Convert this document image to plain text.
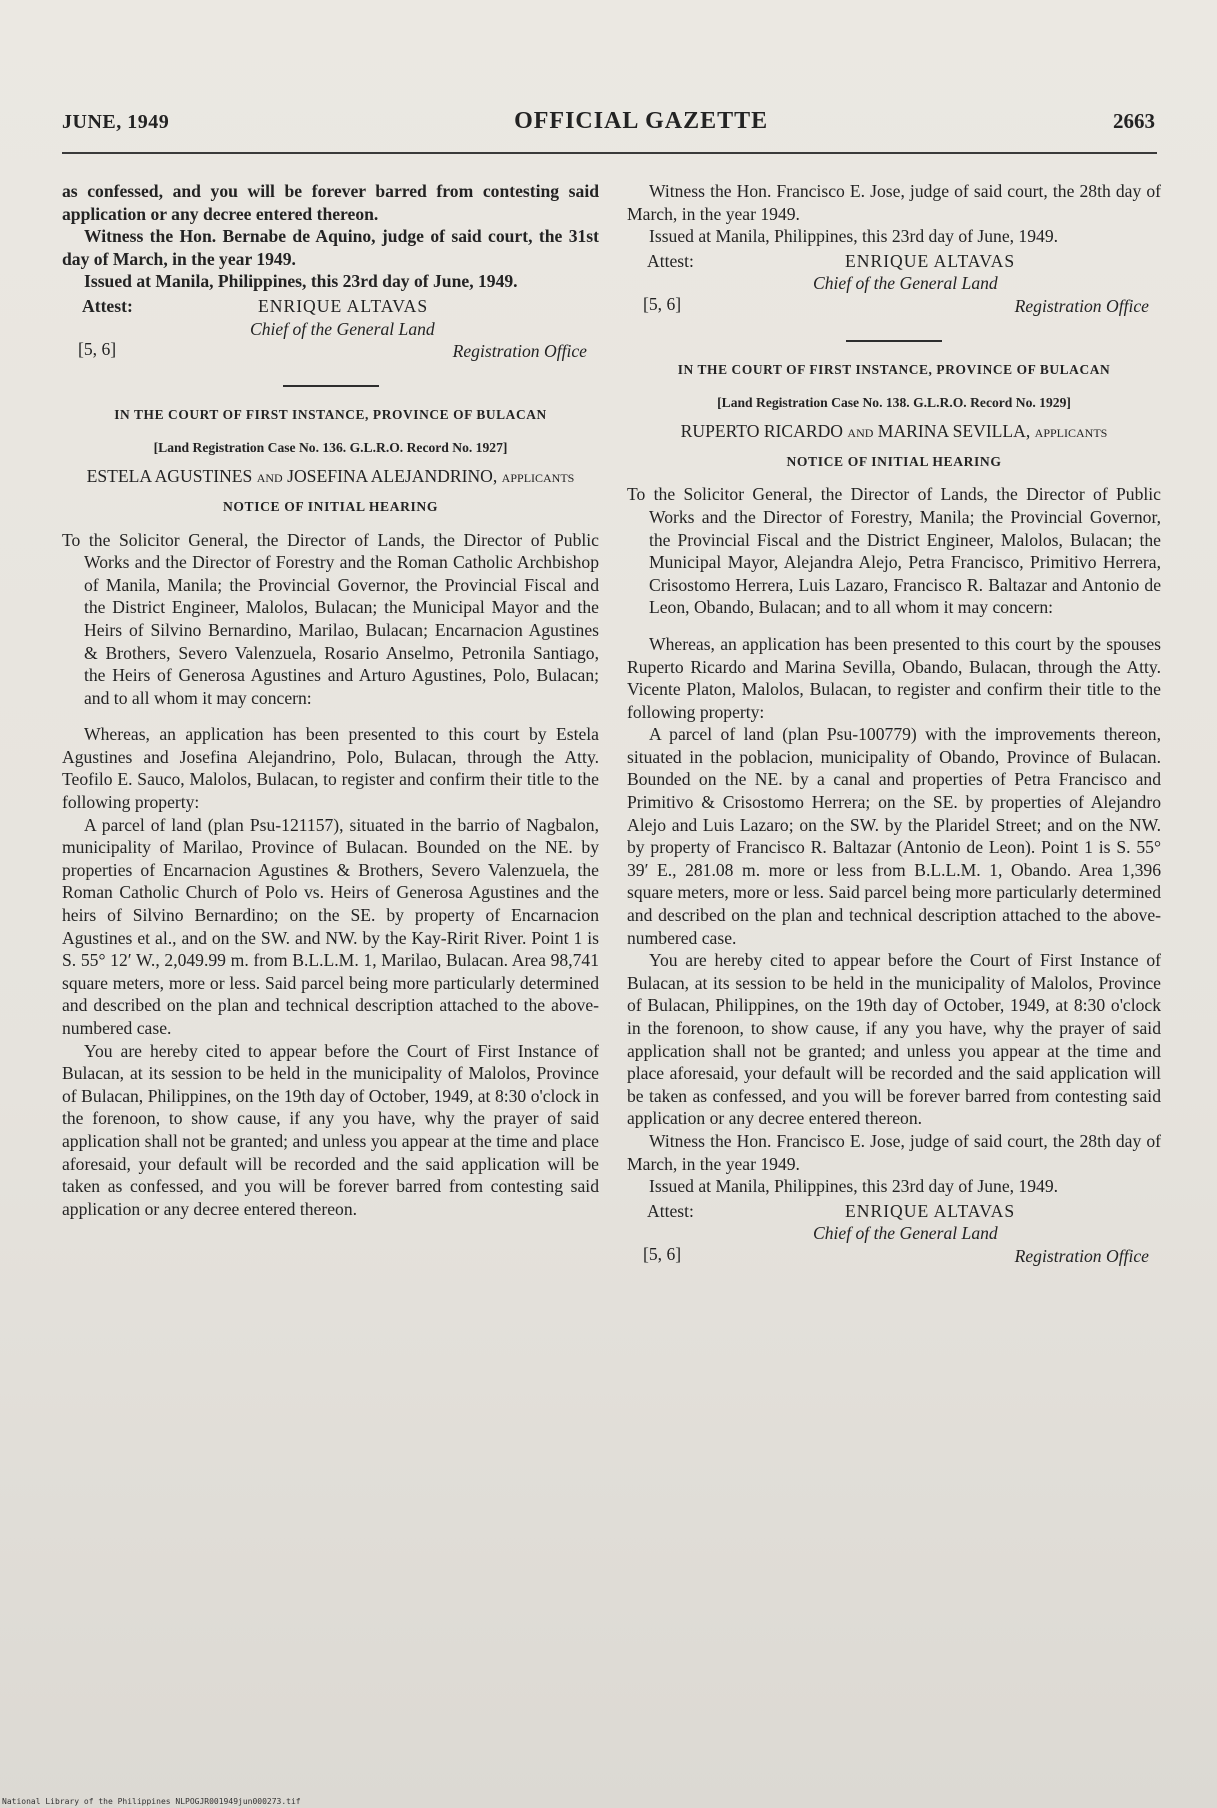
JUNE, 1949	OFFICIAL GAZETTE	2663

as confessed, and you will be forever barred from contesting said application or any decree entered thereon.

Witness the Hon. Bernabe de Aquino, judge of said court, the 31st day of March, in the year 1949.

Issued at Manila, Philippines, this 23rd day of June, 1949.

Attest:	ENRIQUE ALTAVAS
Chief of the General Land
[5, 6]	Registration Office
IN THE COURT OF FIRST INSTANCE, PROVINCE OF BULACAN
[Land Registration Case No. 136. G.L.R.O. Record No. 1927]
ESTELA AGUSTINES and JOSEFINA ALEJANDRINO, applicants
NOTICE OF INITIAL HEARING

To the Solicitor General, the Director of Lands, the Director of Public Works and the Director of Forestry and the Roman Catholic Archbishop of Manila, Manila; the Provincial Governor, the Provincial Fiscal and the District Engineer, Malolos, Bulacan; the Municipal Mayor and the Heirs of Silvino Bernardino, Marilao, Bulacan; Encarnacion Agustines & Brothers, Severo Valenzuela, Rosario Anselmo, Petronila Santiago, the Heirs of Generosa Agustines and Arturo Agustines, Polo, Bulacan; and to all whom it may concern:

Whereas, an application has been presented to this court by Estela Agustines and Josefina Alejandrino, Polo, Bulacan, through the Atty. Teofilo E. Sauco, Malolos, Bulacan, to register and confirm their title to the following property:

A parcel of land (plan Psu-121157), situated in the barrio of Nagbalon, municipality of Marilao, Province of Bulacan. Bounded on the NE. by properties of Encarnacion Agustines & Brothers, Severo Valenzuela, the Roman Catholic Church of Polo vs. Heirs of Generosa Agustines and the heirs of Silvino Bernardino; on the SE. by property of Encarnacion Agustines et al., and on the SW. and NW. by the Kay-Ririt River. Point 1 is S. 55° 12′ W., 2,049.99 m. from B.L.L.M. 1, Marilao, Bulacan. Area 98,741 square meters, more or less. Said parcel being more particularly determined and described on the plan and technical description attached to the above-numbered case.

You are hereby cited to appear before the Court of First Instance of Bulacan, at its session to be held in the municipality of Malolos, Province of Bulacan, Philippines, on the 19th day of October, 1949, at 8:30 o'clock in the forenoon, to show cause, if any you have, why the prayer of said application shall not be granted; and unless you appear at the time and place aforesaid, your default will be recorded and the said application will be taken as confessed, and you will be forever barred from contesting said application or any decree entered thereon.

Witness the Hon. Francisco E. Jose, judge of said court, the 28th day of March, in the year 1949.

Issued at Manila, Philippines, this 23rd day of June, 1949.

Attest:	ENRIQUE ALTAVAS
Chief of the General Land
[5, 6]	Registration Office
IN THE COURT OF FIRST INSTANCE, PROVINCE OF BULACAN
[Land Registration Case No. 138. G.L.R.O. Record No. 1929]
RUPERTO RICARDO and MARINA SEVILLA, applicants
NOTICE OF INITIAL HEARING

To the Solicitor General, the Director of Lands, the Director of Public Works and the Director of Forestry, Manila; the Provincial Governor, the Provincial Fiscal and the District Engineer, Malolos, Bulacan; the Municipal Mayor, Alejandra Alejo, Petra Francisco, Primitivo Herrera, Crisostomo Herrera, Luis Lazaro, Francisco R. Baltazar and Antonio de Leon, Obando, Bulacan; and to all whom it may concern:

Whereas, an application has been presented to this court by the spouses Ruperto Ricardo and Marina Sevilla, Obando, Bulacan, through the Atty. Vicente Platon, Malolos, Bulacan, to register and confirm their title to the following property:

A parcel of land (plan Psu-100779) with the improvements thereon, situated in the poblacion, municipality of Obando, Province of Bulacan. Bounded on the NE. by a canal and properties of Petra Francisco and Primitivo & Crisostomo Herrera; on the SE. by properties of Alejandro Alejo and Luis Lazaro; on the SW. by the Plaridel Street; and on the NW. by property of Francisco R. Baltazar (Antonio de Leon). Point 1 is S. 55° 39′ E., 281.08 m. more or less from B.L.L.M. 1, Obando. Area 1,396 square meters, more or less. Said parcel being more particularly determined and described on the plan and technical description attached to the above-numbered case.

You are hereby cited to appear before the Court of First Instance of Bulacan, at its session to be held in the municipality of Malolos, Province of Bulacan, Philippines, on the 19th day of October, 1949, at 8:30 o'clock in the forenoon, to show cause, if any you have, why the prayer of said application shall not be granted; and unless you appear at the time and place aforesaid, your default will be recorded and the said application will be taken as confessed, and you will be forever barred from contesting said application or any decree entered thereon.

Witness the Hon. Francisco E. Jose, judge of said court, the 28th day of March, in the year 1949.

Issued at Manila, Philippines, this 23rd day of June, 1949.

Attest:	ENRIQUE ALTAVAS
Chief of the General Land
[5, 6]	Registration Office
National Library of the Philippines NLPOGJR001949jun000273.tif
